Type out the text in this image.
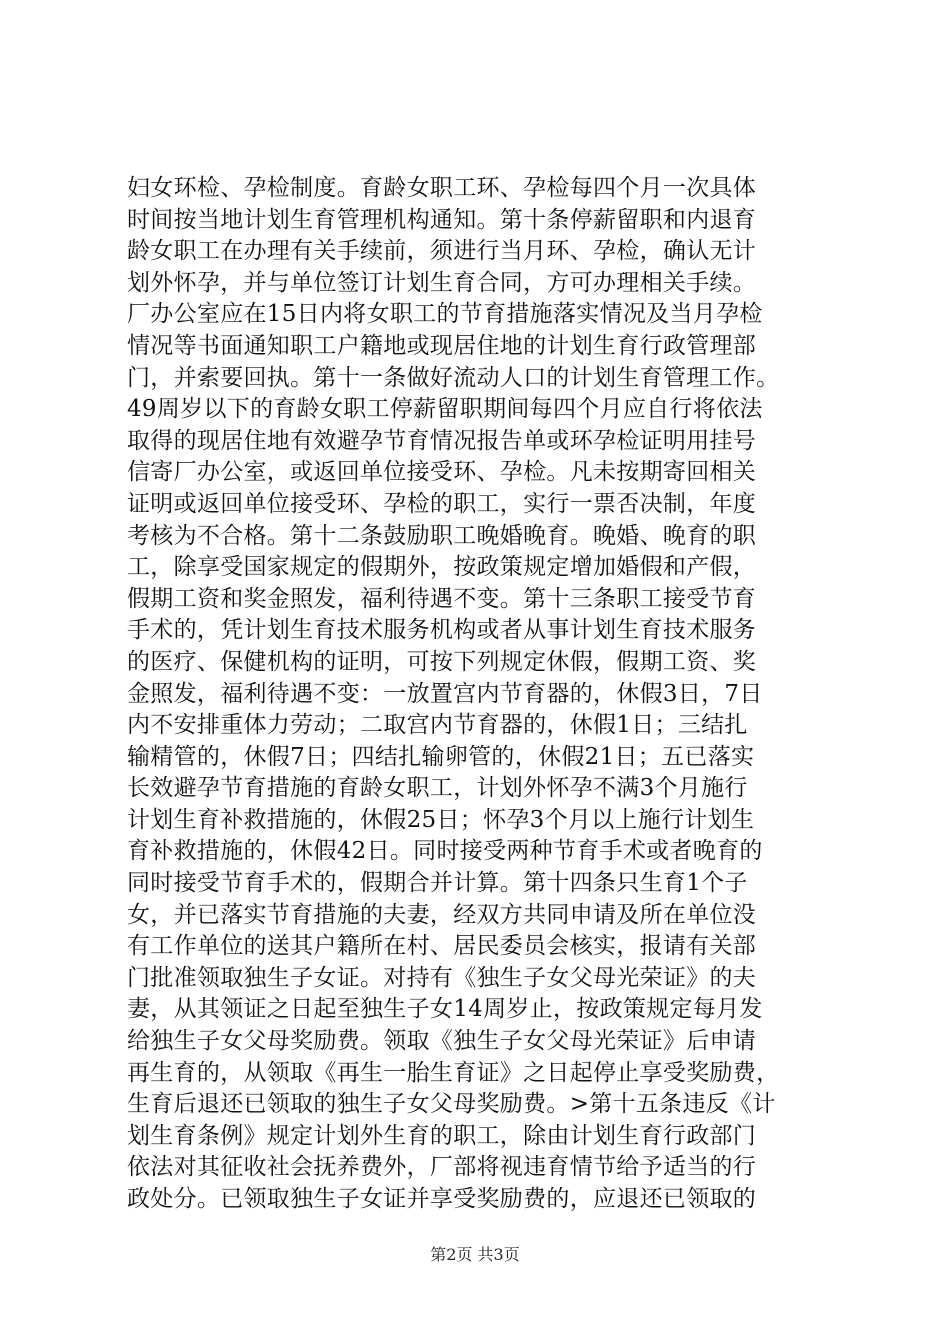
妇女环检、孕检制度。育龄女职工环、孕检每四个月一次具体
时间按当地计划生育管理机构通知。第十条停薪留职和内退育
龄女职工在办理有关手续前，须进行当月环、孕检，确认无计
划外怀孕，并与单位签订计划生育合同，方可办理相关手续。
厂办公室应在15日内将女职工的节育措施落实情况及当月孕检
情况等书面通知职工户籍地或现居住地的计划生育行政管理部
门，并索要回执。第十一条做好流动人口的计划生育管理工作。
49周岁以下的育龄女职工停薪留职期间每四个月应自行将依法
取得的现居住地有效避孕节育情况报告单或环孕检证明用挂号
信寄厂办公室，或返回单位接受环、孕检。凡未按期寄回相关
证明或返回单位接受环、孕检的职工，实行一票否决制，年度
考核为不合格。第十二条鼓励职工晚婚晚育。晚婚、晚育的职
工，除享受国家规定的假期外，按政策规定增加婚假和产假，
假期工资和奖金照发，福利待遇不变。第十三条职工接受节育
手术的，凭计划生育技术服务机构或者从事计划生育技术服务
的医疗、保健机构的证明，可按下列规定休假，假期工资、奖
金照发，福利待遇不变：一放置宫内节育器的，休假3日，7日
内不安排重体力劳动；二取宫内节育器的，休假1日；三结扎
输精管的，休假7日；四结扎输卵管的，休假21日；五已落实
长效避孕节育措施的育龄女职工，计划外怀孕不满3个月施行
计划生育补救措施的，休假25日；怀孕3个月以上施行计划生
育补救措施的，休假42日。同时接受两种节育手术或者晚育的
同时接受节育手术的，假期合并计算。第十四条只生育1个子
女，并已落实节育措施的夫妻，经双方共同申请及所在单位没
有工作单位的送其户籍所在村、居民委员会核实，报请有关部
门批准领取独生子女证。对持有《独生子女父母光荣证》的夫
妻，从其领证之日起至独生子女14周岁止，按政策规定每月发
给独生子女父母奖励费。领取《独生子女父母光荣证》后申请
再生育的，从领取《再生一胎生育证》之日起停止享受奖励费，
生育后退还已领取的独生子女父母奖励费。>第十五条违反《计
划生育条例》规定计划外生育的职工，除由计划生育行政部门
依法对其征收社会抚养费外，厂部将视违育情节给予适当的行
政处分。已领取独生子女证并享受奖励费的，应退还已领取的
第2页 共3页
